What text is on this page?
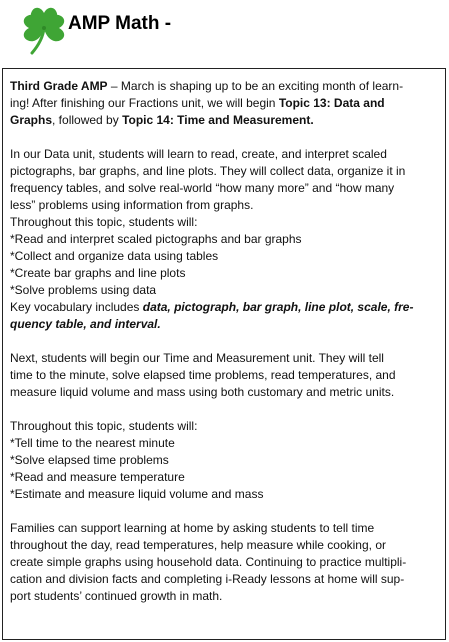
AMP Math -

Third Grade AMP – March is shaping up to be an exciting month of learn-

ing! After finishing our Fractions unit, we will begin Topic 13: Data and

Graphs, followed by Topic 14: Time and Measurement.

In our Data unit, students will learn to read, create, and interpret scaled

pictographs, bar graphs, and line plots. They will collect data, organize it in

frequency tables, and solve real-world “how many more” and “how many

less” problems using information from graphs.

Throughout this topic, students will:

*Read and interpret scaled pictographs and bar graphs

*Collect and organize data using tables

*Create bar graphs and line plots

*Solve problems using data

Key vocabulary includes data, pictograph, bar graph, line plot, scale, fre-

quency table, and interval.

Next, students will begin our Time and Measurement unit. They will tell

time to the minute, solve elapsed time problems, read temperatures, and

measure liquid volume and mass using both customary and metric units.

Throughout this topic, students will:

*Tell time to the nearest minute

*Solve elapsed time problems

*Read and measure temperature

*Estimate and measure liquid volume and mass

Families can support learning at home by asking students to tell time

throughout the day, read temperatures, help measure while cooking, or

create simple graphs using household data. Continuing to practice multipli-

cation and division facts and completing i-Ready lessons at home will sup-

port students’ continued growth in math.
